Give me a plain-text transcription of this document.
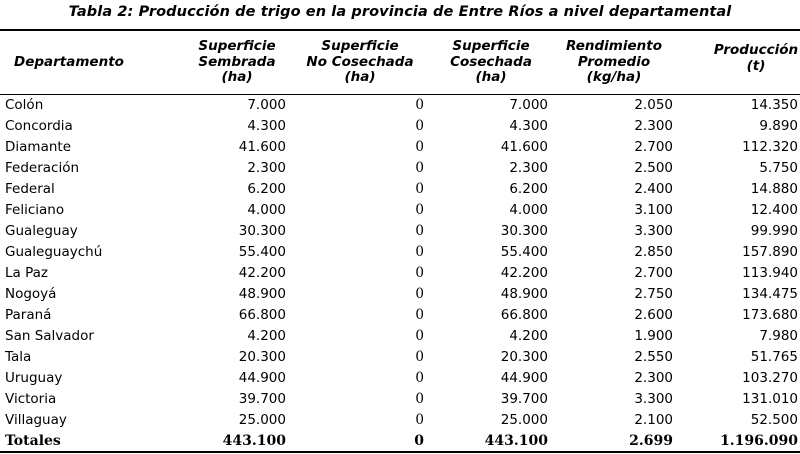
Tabla 2: Producción de trigo en la provincia de Entre Ríos a nivel departamental
Departamento	Superficie
Sembrada
(ha)	Superficie
No Cosechada
(ha)	Superficie
Cosechada
(ha)	Rendimiento
Promedio
(kg/ha)	Producción
(t)
Colón	7.000	0	7.000	2.050	14.350
Concordia	4.300	0	4.300	2.300	9.890
Diamante	41.600	0	41.600	2.700	112.320
Federación	2.300	0	2.300	2.500	5.750
Federal	6.200	0	6.200	2.400	14.880
Feliciano	4.000	0	4.000	3.100	12.400
Gualeguay	30.300	0	30.300	3.300	99.990
Gualeguaychú	55.400	0	55.400	2.850	157.890
La Paz	42.200	0	42.200	2.700	113.940
Nogoyá	48.900	0	48.900	2.750	134.475
Paraná	66.800	0	66.800	2.600	173.680
San Salvador	4.200	0	4.200	1.900	7.980
Tala	20.300	0	20.300	2.550	51.765
Uruguay	44.900	0	44.900	2.300	103.270
Victoria	39.700	0	39.700	3.300	131.010
Villaguay	25.000	0	25.000	2.100	52.500
Totales	443.100	0	443.100	2.699	1.196.090
